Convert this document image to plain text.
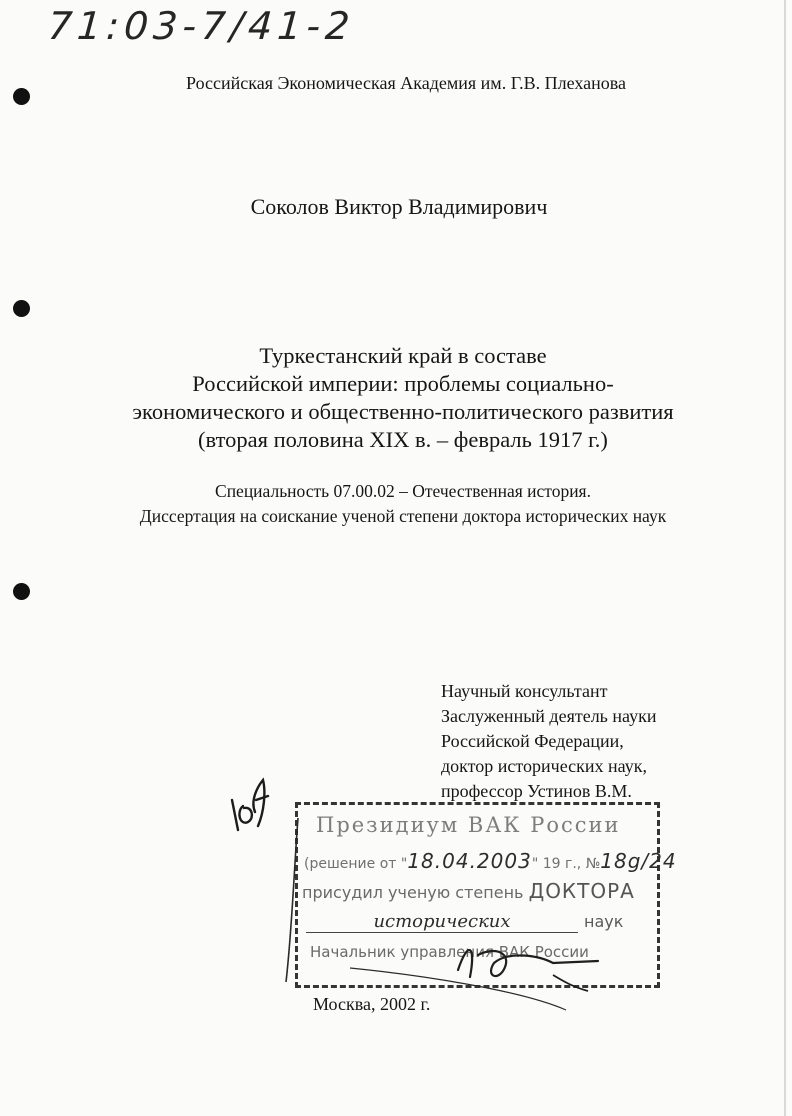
71:03-7/41-2
Российская Экономическая Академия им. Г.В. Плеханова
Соколов Виктор Владимирович
Туркестанский край в составе
Российской империи: проблемы социально-
экономического и общественно-политического развития
(вторая половина XIX в. – февраль 1917 г.)
Специальность 07.00.02 – Отечественная история.
Диссертация на соискание ученой степени доктора исторических наук
Научный консультант
Заслуженный деятель науки
Российской Федерации,
доктор исторических наук,
профессор Устинов В.М.
Президиум ВАК России
(решение от "18.04.2003" 19 г., №18g/24
присудил ученую степень ДОКТОРА
исторических	наук
Начальник управления ВАК России
Москва, 2002 г.
